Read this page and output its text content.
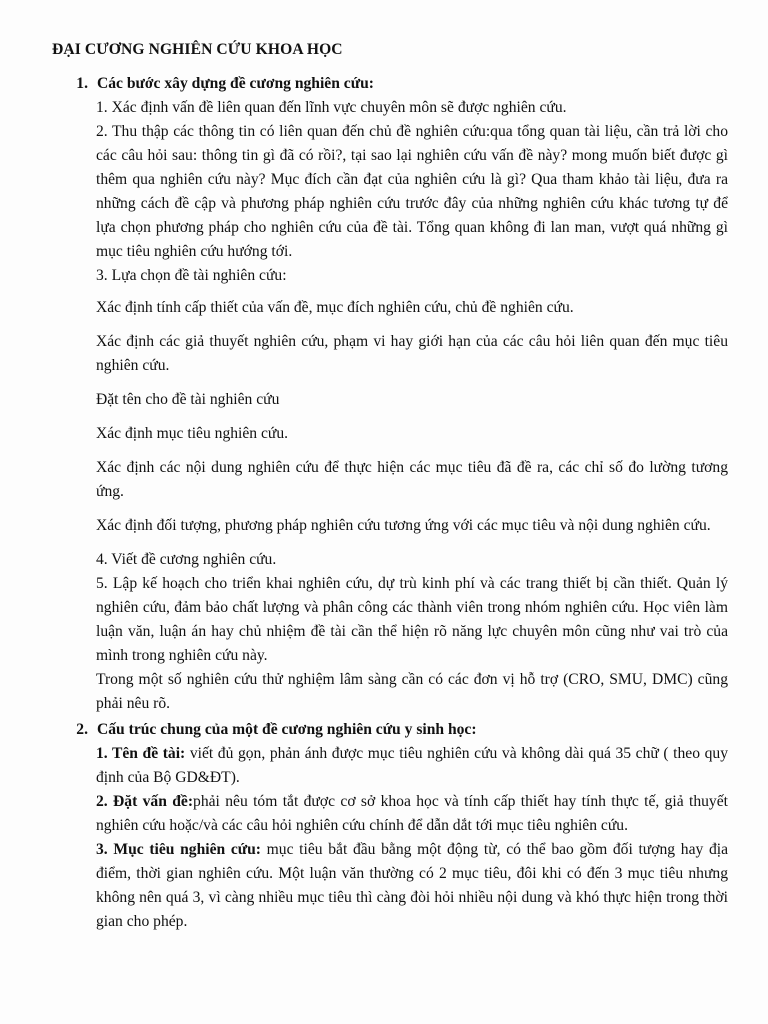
ĐẠI CƯƠNG NGHIÊN CỨU KHOA HỌC
1. Các bước xây dựng đề cương nghiên cứu:

1. Xác định vấn đề liên quan đến lĩnh vực chuyên môn sẽ được nghiên cứu.

2. Thu thập các thông tin có liên quan đến chủ đề nghiên cứu:qua tổng quan tài liệu, cần trả lời cho các câu hỏi sau: thông tin gì đã có rồi?, tại sao lại nghiên cứu vấn đề này? mong muốn biết được gì thêm qua nghiên cứu này? Mục đích cần đạt của nghiên cứu là gì? Qua tham khảo tài liệu, đưa ra những cách đề cập và phương pháp nghiên cứu trước đây của những nghiên cứu khác tương tự để lựa chọn phương pháp cho nghiên cứu của đề tài. Tổng quan không đi lan man, vượt quá những gì mục tiêu nghiên cứu hướng tới.

3. Lựa chọn đề tài nghiên cứu:

Xác định tính cấp thiết của vấn đề, mục đích nghiên cứu, chủ đề nghiên cứu.

Xác định các giả thuyết nghiên cứu, phạm vi hay giới hạn của các câu hỏi liên quan đến mục tiêu nghiên cứu.

Đặt tên cho đề tài nghiên cứu

Xác định mục tiêu nghiên cứu.

Xác định các nội dung nghiên cứu để thực hiện các mục tiêu đã đề ra, các chỉ số đo lường tương ứng.

Xác định đối tượng, phương pháp nghiên cứu tương ứng với các mục tiêu và nội dung nghiên cứu.

4. Viết đề cương nghiên cứu.

5. Lập kế hoạch cho triển khai nghiên cứu, dự trù kinh phí và các trang thiết bị cần thiết. Quản lý nghiên cứu, đảm bảo chất lượng và phân công các thành viên trong nhóm nghiên cứu. Học viên làm luận văn, luận án hay chủ nhiệm đề tài cần thể hiện rõ năng lực chuyên môn cũng như vai trò của mình trong nghiên cứu này.

Trong một số nghiên cứu thử nghiệm lâm sàng cần có các đơn vị hỗ trợ (CRO, SMU, DMC) cũng phải nêu rõ.

2. Cấu trúc chung của một đề cương nghiên cứu y sinh học:

1. Tên đề tài: viết đủ gọn, phản ánh được mục tiêu nghiên cứu và không dài quá 35 chữ ( theo quy định của Bộ GD&ĐT).

2. Đặt vấn đề:phải nêu tóm tắt được cơ sở khoa học và tính cấp thiết hay tính thực tế, giả thuyết nghiên cứu hoặc/và các câu hỏi nghiên cứu chính để dẫn dắt tới mục tiêu nghiên cứu.

3. Mục tiêu nghiên cứu: mục tiêu bắt đầu bằng một động từ, có thể bao gồm đối tượng hay địa điểm, thời gian nghiên cứu. Một luận văn thường có 2 mục tiêu, đôi khi có đến 3 mục tiêu nhưng không nên quá 3, vì càng nhiều mục tiêu thì càng đòi hỏi nhiều nội dung và khó thực hiện trong thời gian cho phép.
